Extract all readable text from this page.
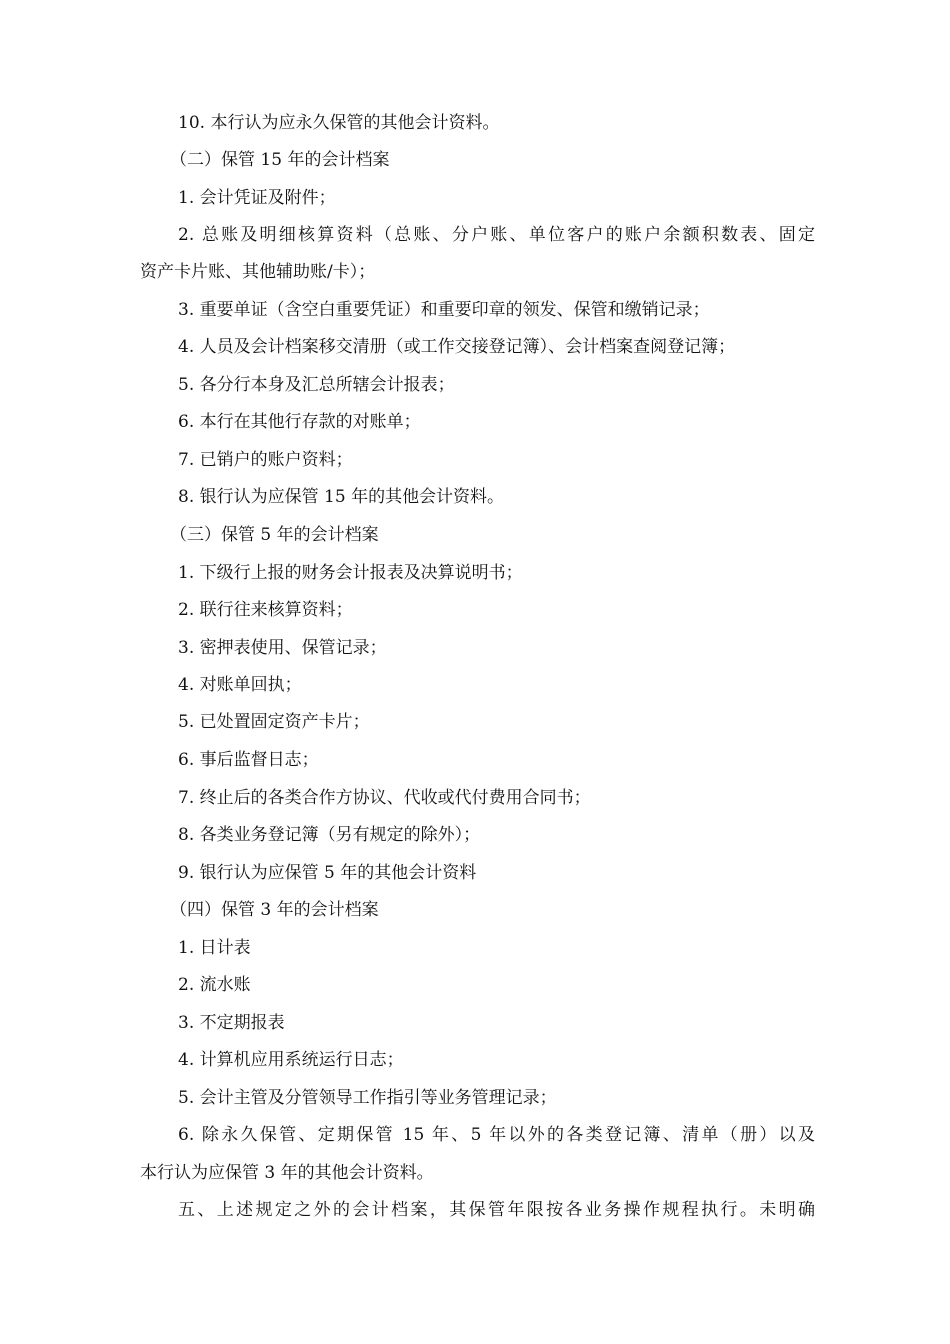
10. 本行认为应永久保管的其他会计资料。
（二）保管 15 年的会计档案
1. 会计凭证及附件；
2. 总账及明细核算资料（总账、分户账、单位客户的账户余额积数表、固定
资产卡片账、其他辅助账/卡）；
3. 重要单证（含空白重要凭证）和重要印章的领发、保管和缴销记录；
4. 人员及会计档案移交清册（或工作交接登记簿）、会计档案查阅登记簿；
5. 各分行本身及汇总所辖会计报表；
6. 本行在其他行存款的对账单；
7. 已销户的账户资料；
8. 银行认为应保管 15 年的其他会计资料。
（三）保管 5 年的会计档案
1. 下级行上报的财务会计报表及决算说明书；
2. 联行往来核算资料；
3. 密押表使用、保管记录；
4. 对账单回执；
5. 已处置固定资产卡片；
6. 事后监督日志；
7. 终止后的各类合作方协议、代收或代付费用合同书；
8. 各类业务登记簿（另有规定的除外）；
9. 银行认为应保管 5 年的其他会计资料
（四）保管 3 年的会计档案
1. 日计表
2. 流水账
3. 不定期报表
4. 计算机应用系统运行日志；
5. 会计主管及分管领导工作指引等业务管理记录；
6. 除永久保管、定期保管 15 年、5 年以外的各类登记簿、清单（册）以及
本行认为应保管 3 年的其他会计资料。
五、上述规定之外的会计档案，其保管年限按各业务操作规程执行。未明确
